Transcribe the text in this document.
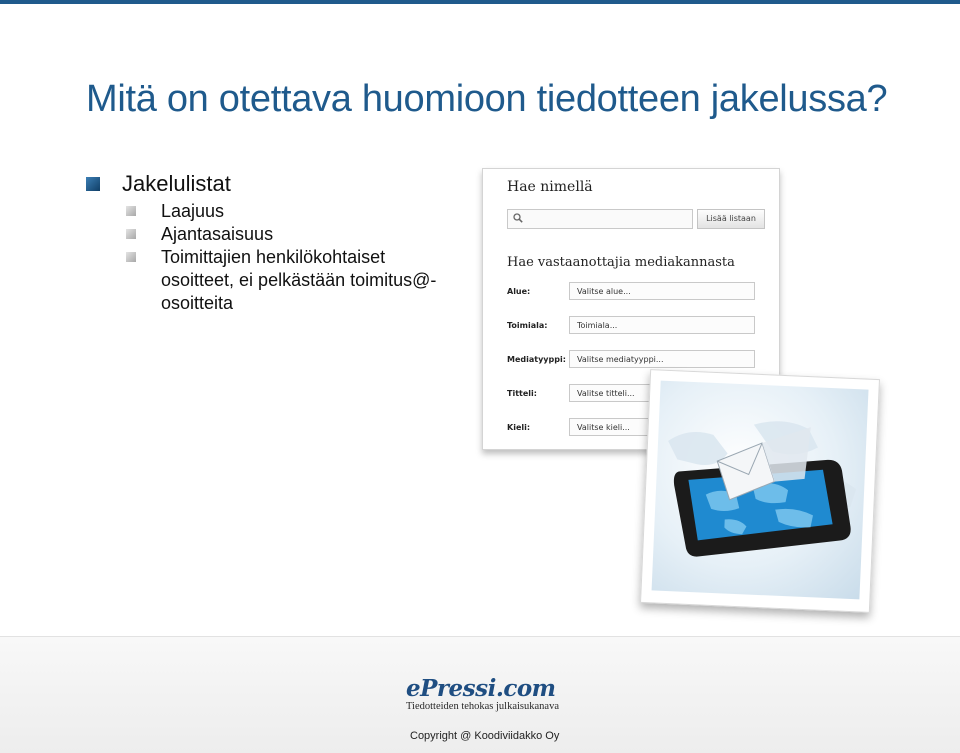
Mitä on otettava huomioon tiedotteen jakelussa?
Jakelulistat
Laajuus
Ajantasaisuus
Toimittajien henkilökohtaiset osoitteet, ei pelkästään toimitus@-osoitteita
Hae nimellä
Lisää listaan
Hae vastaanottajia mediakannasta
Alue:	Valitse alue...
Toimiala:	Toimiala...
Mediatyyppi:	Valitse mediatyyppi...
Titteli:	Valitse titteli...
Kieli:	Valitse kieli...
ePressi.com
Tiedotteiden tehokas julkaisukanava
Copyright @ Koodiviidakko Oy
